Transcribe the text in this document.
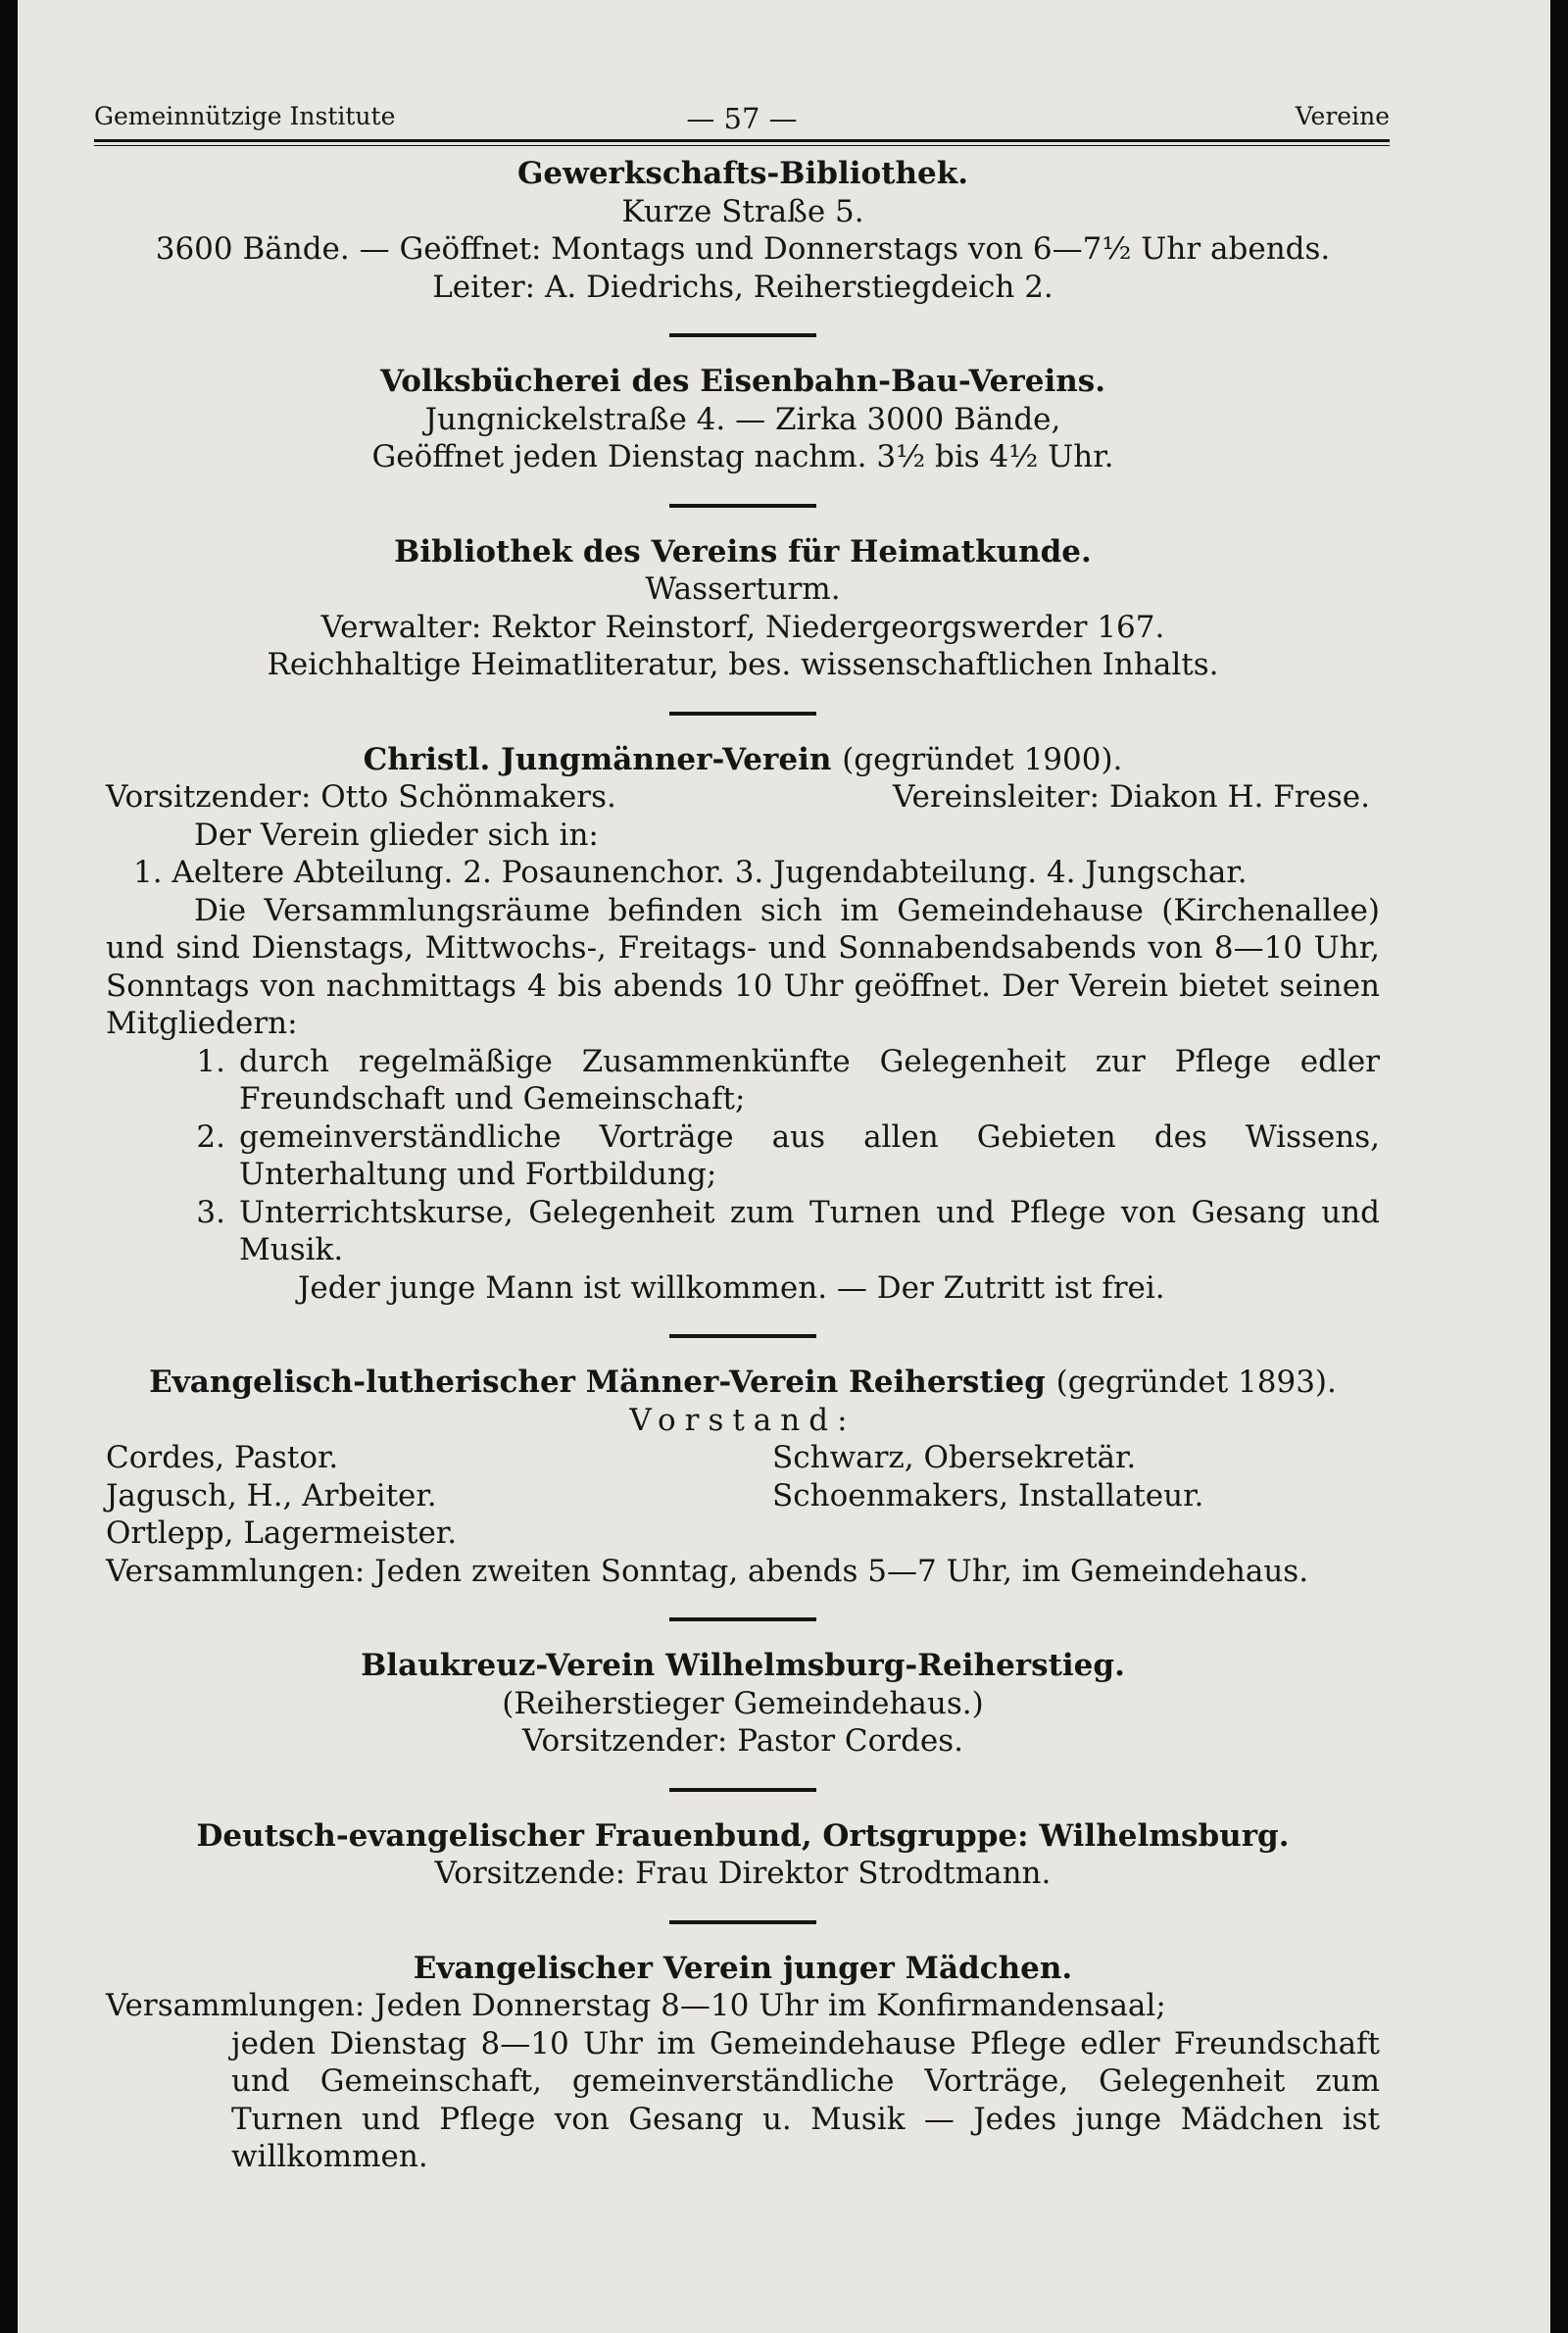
— 57 —
Gemeinnützige Institute	Vereine
Gewerkschafts-Bibliothek.
Kurze Straße 5.
3600 Bände. — Geöffnet: Montags und Donnerstags von 6—7½ Uhr abends.
Leiter: A. Diedrichs, Reiherstiegdeich 2.
Volksbücherei des Eisenbahn-Bau-Vereins.
Jungnickelstraße 4. — Zirka 3000 Bände,
Geöffnet jeden Dienstag nachm. 3½ bis 4½ Uhr.
Bibliothek des Vereins für Heimatkunde.
Wasserturm.
Verwalter: Rektor Reinstorf, Niedergeorgswerder 167.
Reichhaltige Heimatliteratur, bes. wissenschaftlichen Inhalts.
Christl. Jungmänner-Verein (gegründet 1900).
Vorsitzender: Otto Schönmakers.	Vereinsleiter: Diakon H. Frese.
Der Verein glieder sich in:
1. Aeltere Abteilung. 2. Posaunenchor. 3. Jugendabteilung. 4. Jungschar.
Die Versammlungsräume befinden sich im Gemeindehause (Kirchenallee) und sind Dienstags, Mittwochs-, Freitags- und Sonnabendsabends von 8—10 Uhr, Sonntags von nachmittags 4 bis abends 10 Uhr geöffnet. Der Verein bietet seinen Mitgliedern:
1. durch regelmäßige Zusammenkünfte Gelegenheit zur Pflege edler Freundschaft und Gemeinschaft;
2. gemeinverständliche Vorträge aus allen Gebieten des Wissens, Unterhaltung und Fortbildung;
3. Unterrichtskurse, Gelegenheit zum Turnen und Pflege von Gesang und Musik.
Jeder junge Mann ist willkommen. — Der Zutritt ist frei.
Evangelisch-lutherischer Männer-Verein Reiherstieg (gegründet 1893).
Vorstand:
Cordes, Pastor.	Schwarz, Obersekretär.
Jagusch, H., Arbeiter.	Schoenmakers, Installateur.
Ortlepp, Lagermeister.
Versammlungen: Jeden zweiten Sonntag, abends 5—7 Uhr, im Gemeindehaus.
Blaukreuz-Verein Wilhelmsburg-Reiherstieg.
(Reiherstieger Gemeindehaus.)
Vorsitzender: Pastor Cordes.
Deutsch-evangelischer Frauenbund, Ortsgruppe: Wilhelmsburg.
Vorsitzende: Frau Direktor Strodtmann.
Evangelischer Verein junger Mädchen.
Versammlungen: Jeden Donnerstag 8—10 Uhr im Konfirmandensaal;
jeden Dienstag 8—10 Uhr im Gemeindehause Pflege edler Freundschaft und Gemeinschaft, gemeinverständliche Vorträge, Gelegenheit zum Turnen und Pflege von Gesang u. Musik — Jedes junge Mädchen ist willkommen.
